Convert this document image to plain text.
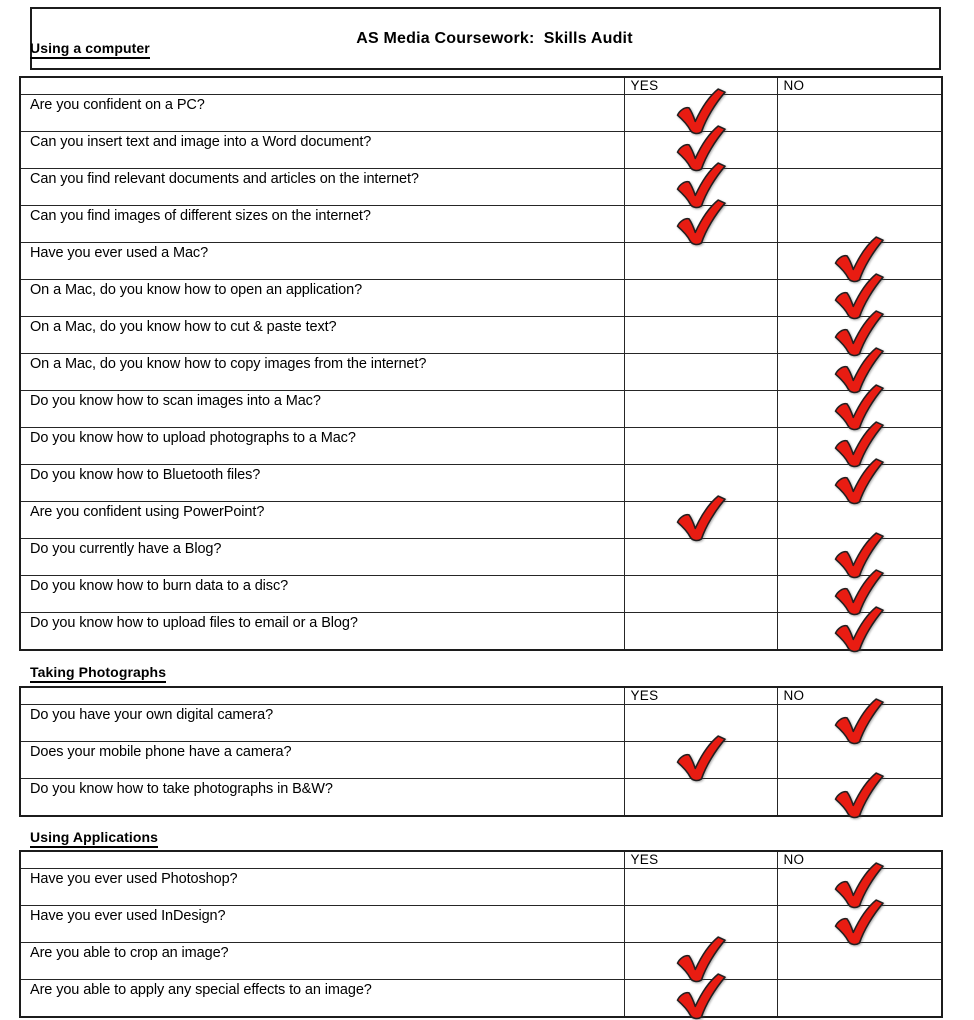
AS Media Coursework:  Skills Audit

Using a computer
	YES	NO
Are you confident on a PC?	

Can you insert text and image into a Word document?	

Can you find relevant documents and articles on the internet?	

Can you find images of different sizes on the internet?	

Have you ever used a Mac?		

On a Mac, do you know how to open an application?		

On a Mac, do you know how to cut & paste text?		

On a Mac, do you know how to copy images from the internet?		

Do you know how to scan images into a Mac?		

Do you know how to upload photographs to a Mac?		

Do you know how to Bluetooth files?		

Are you confident using PowerPoint?	

Do you currently have a Blog?		

Do you know how to burn data to a disc?		

Do you know how to upload files to email or a Blog?		
Taking Photographs
	YES	NO
Do you have your own digital camera?		

Does your mobile phone have a camera?	

Do you know how to take photographs in B&W?		
Using Applications
	YES	NO
Have you ever used Photoshop?		

Have you ever used InDesign?		

Are you able to crop an image?	

Are you able to apply any special effects to an image?	
